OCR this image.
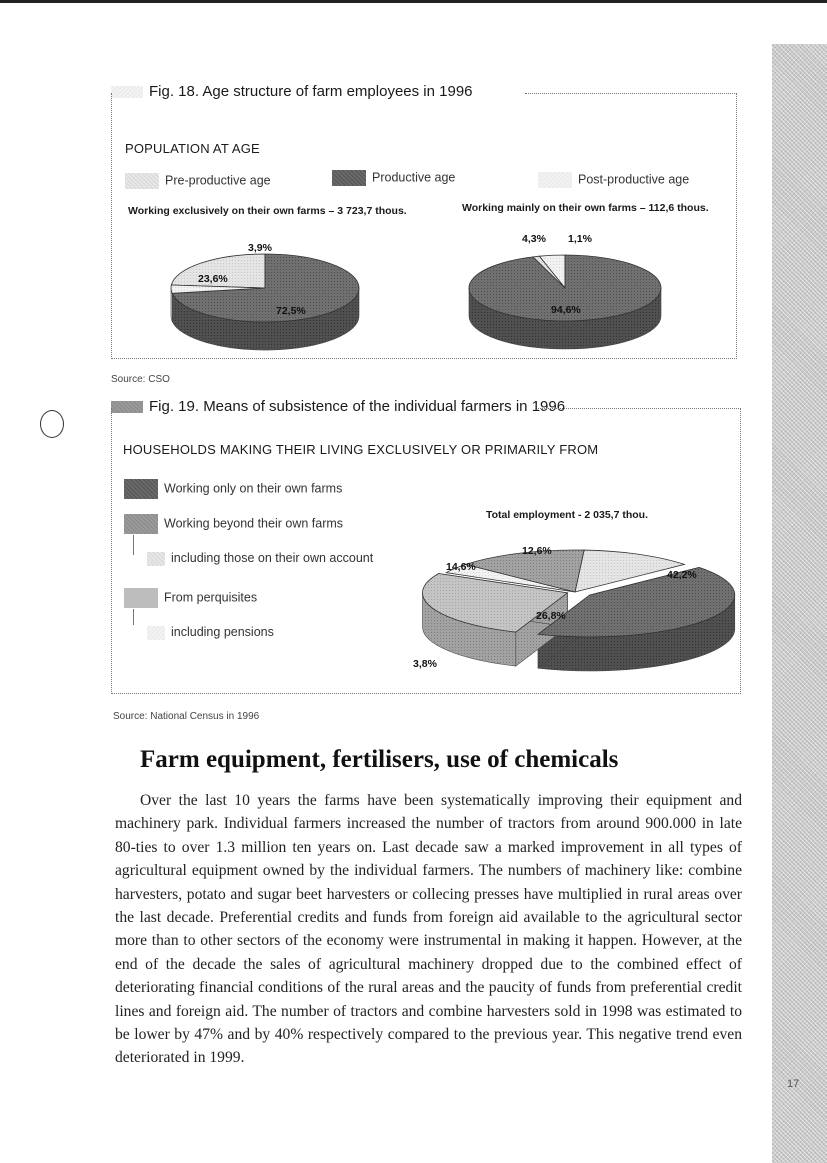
17
Fig. 18. Age structure of farm employees in 1996
POPULATION AT AGE
Pre-productive age	Productive age	Post-productive age
Working exclusively on their own farms – 3 723,7 thous.	Working mainly on their own farms – 112,6 thous.
3,9%
23,6%
72,5%
4,3% 1,1%
94,6%
Source: CSO
Fig. 19. Means of subsistence of the individual farmers in 1996
HOUSEHOLDS MAKING THEIR LIVING EXCLUSIVELY OR PRIMARILY FROM
Working only on their own farms
Working beyond their own farms
including those on their own account
From perquisites
including pensions
Total employment - 2 035,7 thou.
42,2%
14,6%
12,6%
26,8%
3,8%
Source: National Census in 1996
Farm equipment, fertilisers, use of chemicals

Over the last 10 years the farms have been systematically improving their equipment and machinery park. Individual farmers increased the number of tractors from around 900.000 in late 80-ties to over 1.3 million ten years on. Last decade saw a marked improvement in all types of agricultural equipment owned by the individual farmers. The numbers of machinery like: combine harvesters, potato and sugar beet harvesters or collecing presses have multiplied in rural areas over the last decade. Preferential credits and funds from foreign aid available to the agricultural sector more than to other sectors of the economy were instrumental in making it happen. However, at the end of the decade the sales of agricultural machinery dropped due to the combined effect of deteriorating financial conditions of the rural areas and the paucity of funds from preferential credit lines and foreign aid. The number of tractors and combine harvesters sold in 1998 was estimated to be lower by 47% and by 40% respectively compared to the previous year. This negative trend even deteriorated in 1999.
